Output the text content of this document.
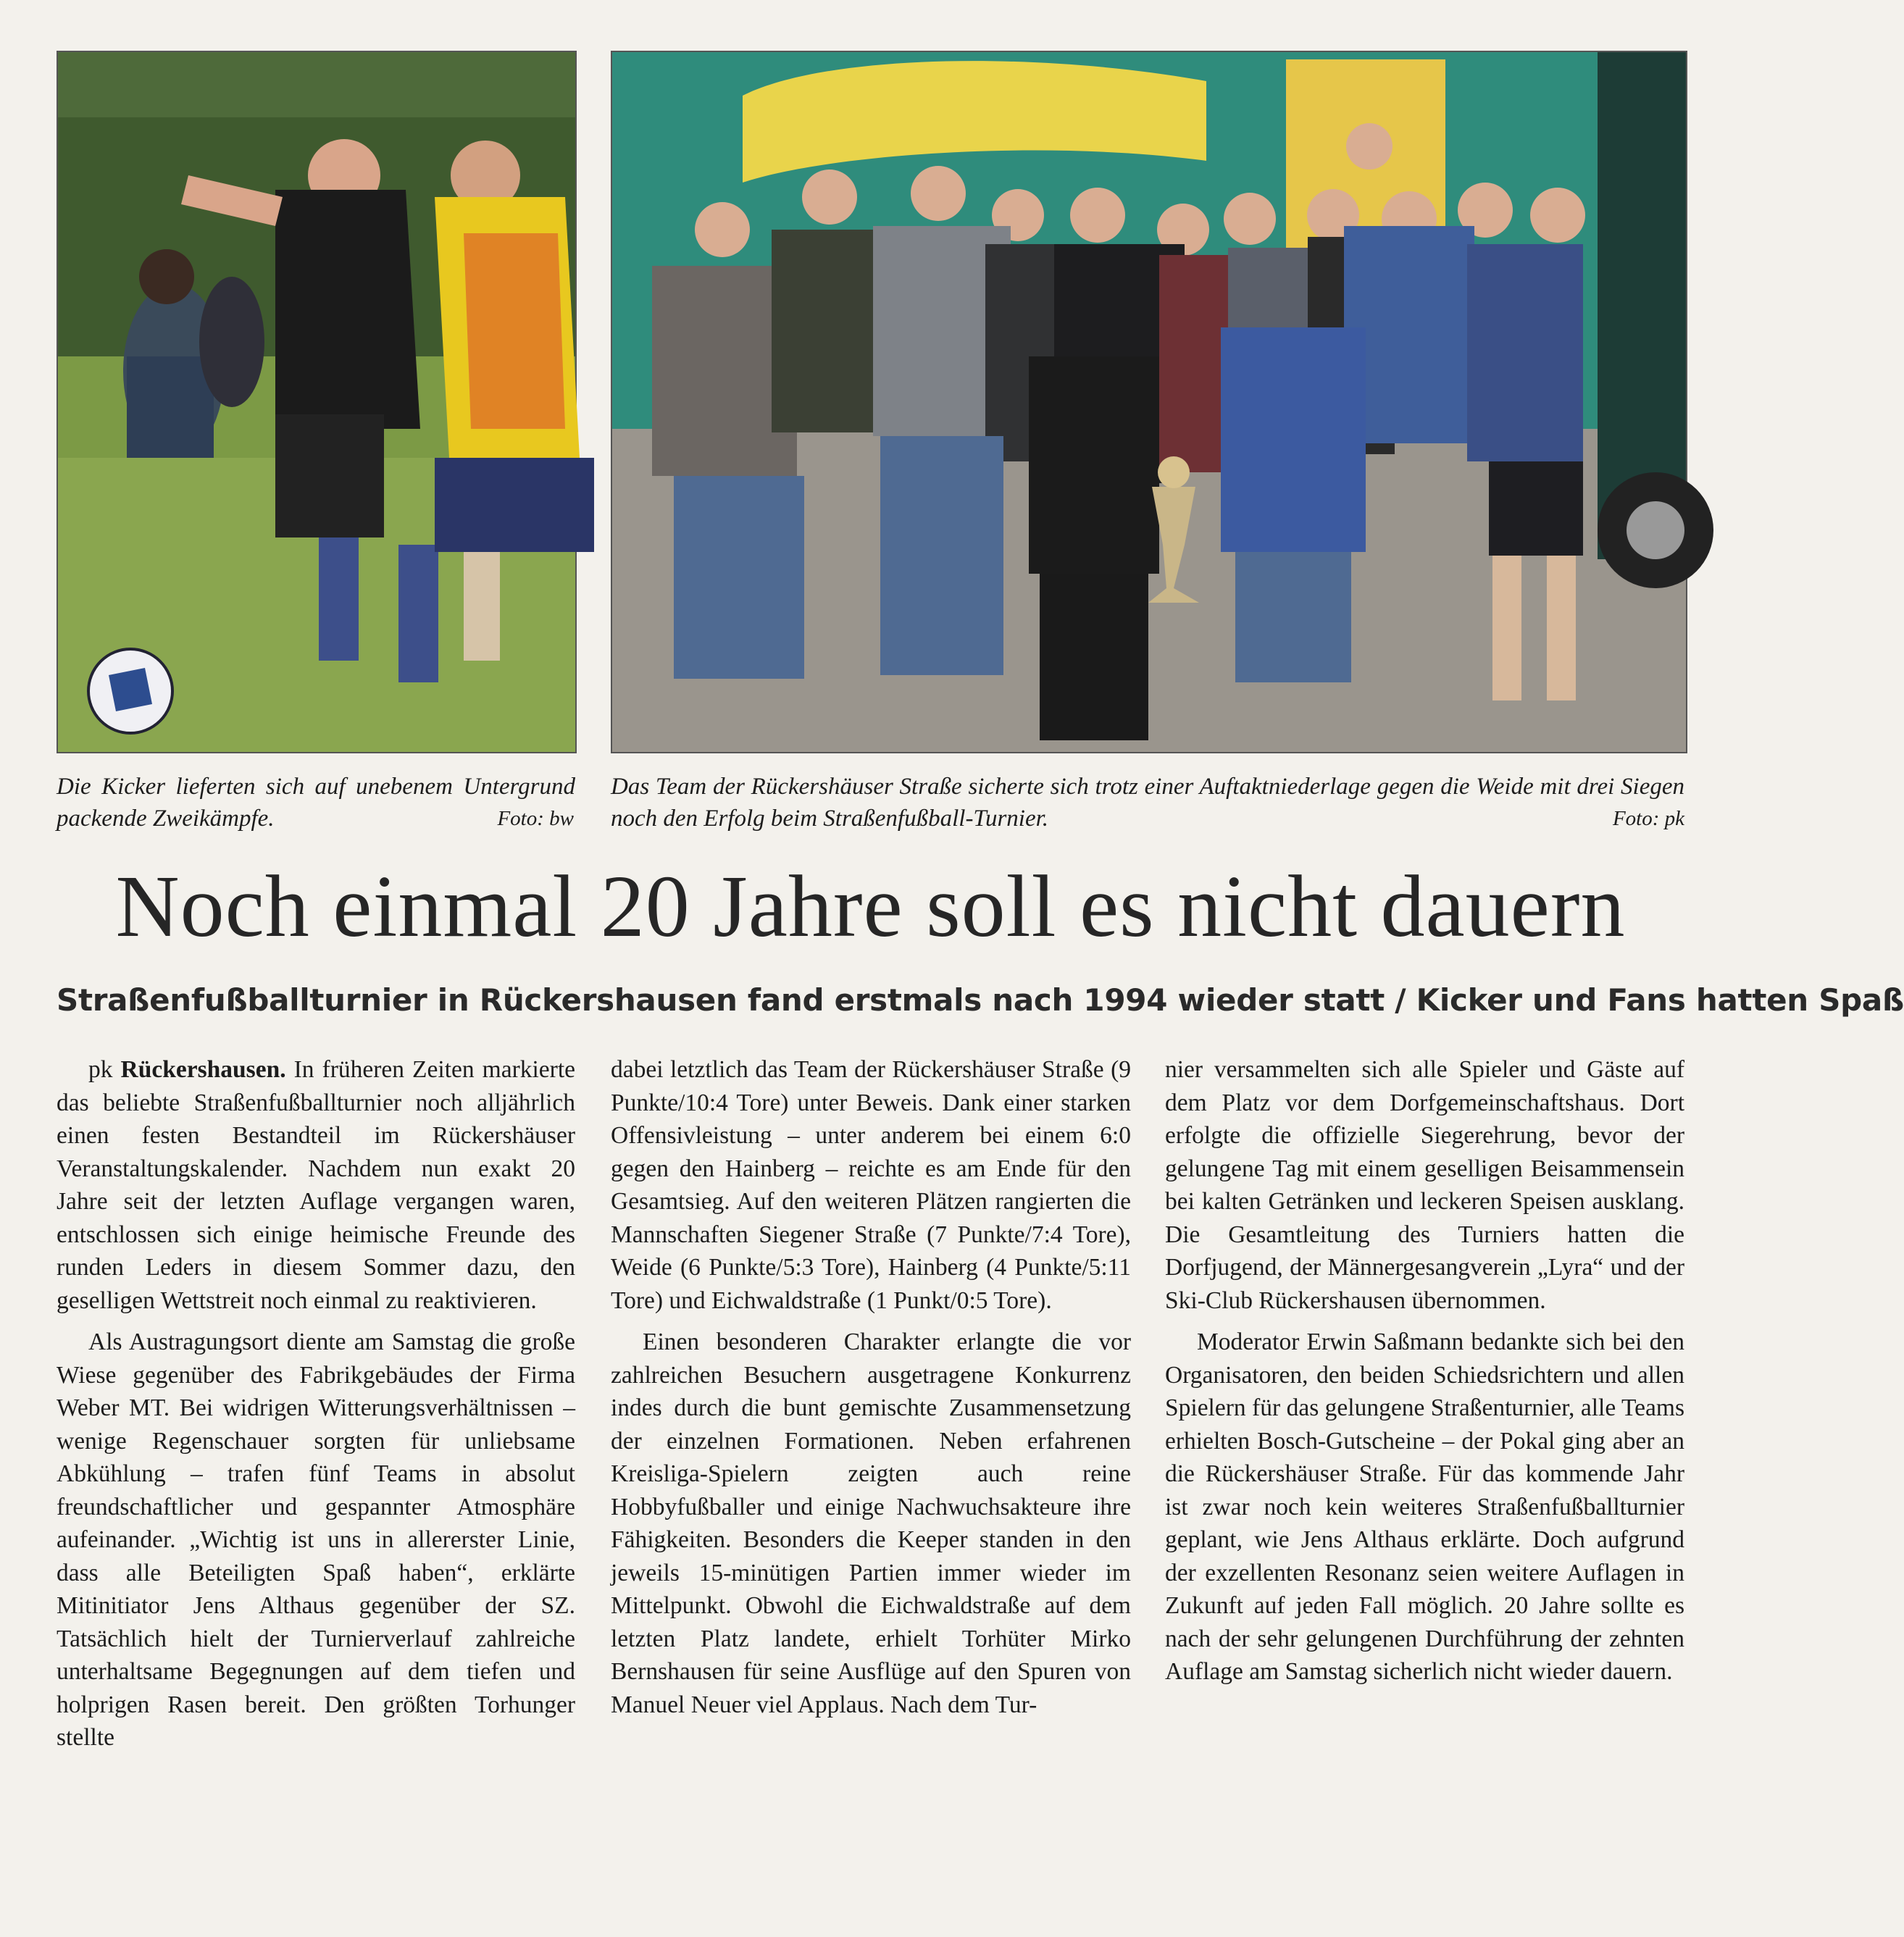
Die Kicker lieferten sich auf unebenem Untergrund packende Zweikämpfe.	Foto: bw
Das Team der Rückershäuser Straße sicherte sich trotz einer Auftaktniederlage gegen die Weide mit drei Siegen noch den Erfolg beim Straßenfußball-Turnier.	Foto: pk
Noch einmal 20 Jahre soll es nicht dauern
Straßenfußballturnier in Rückershausen fand erstmals nach 1994 wieder statt / Kicker und Fans hatten Spaß

pk Rückershausen. In früheren Zeiten markierte das beliebte Straßenfußballturnier noch alljährlich einen festen Bestandteil im Rückershäuser Veranstaltungskalender. Nachdem nun exakt 20 Jahre seit der letzten Auflage vergangen waren, entschlossen sich einige heimische Freunde des runden Leders in diesem Sommer dazu, den geselligen Wettstreit noch einmal zu reaktivieren.

Als Austragungsort diente am Samstag die große Wiese gegenüber des Fabrikgebäudes der Firma Weber MT. Bei widrigen Witterungsverhältnissen – wenige Regenschauer sorgten für unliebsame Abkühlung – trafen fünf Teams in absolut freundschaftlicher und gespannter Atmosphäre aufeinander. „Wichtig ist uns in allererster Linie, dass alle Beteiligten Spaß haben“, erklärte Mitinitiator Jens Althaus gegenüber der SZ. Tatsächlich hielt der Turnierverlauf zahlreiche unterhaltsame Begegnungen auf dem tiefen und holprigen Rasen bereit. Den größten Torhunger stellte

dabei letztlich das Team der Rückershäuser Straße (9 Punkte/10:4 Tore) unter Beweis. Dank einer starken Offensivleistung – unter anderem bei einem 6:0 gegen den Hainberg – reichte es am Ende für den Gesamtsieg. Auf den weiteren Plätzen rangierten die Mannschaften Siegener Straße (7 Punkte/7:4 Tore), Weide (6 Punkte/5:3 Tore), Hainberg (4 Punkte/5:11 Tore) und Eichwaldstraße (1 Punkt/0:5 Tore).

Einen besonderen Charakter erlangte die vor zahlreichen Besuchern ausgetragene Konkurrenz indes durch die bunt gemischte Zusammensetzung der einzelnen Formationen. Neben erfahrenen Kreisliga-Spielern zeigten auch reine Hobbyfußballer und einige Nachwuchsakteure ihre Fähigkeiten. Besonders die Keeper standen in den jeweils 15-minütigen Partien immer wieder im Mittelpunkt. Obwohl die Eichwaldstraße auf dem letzten Platz landete, erhielt Torhüter Mirko Bernshausen für seine Ausflüge auf den Spuren von Manuel Neuer viel Applaus. Nach dem Tur-

nier versammelten sich alle Spieler und Gäste auf dem Platz vor dem Dorfgemeinschaftshaus. Dort erfolgte die offizielle Siegerehrung, bevor der gelungene Tag mit einem geselligen Beisammensein bei kalten Getränken und leckeren Speisen ausklang. Die Gesamtleitung des Turniers hatten die Dorfjugend, der Männergesangverein „Lyra“ und der Ski-Club Rückershausen übernommen.

Moderator Erwin Saßmann bedankte sich bei den Organisatoren, den beiden Schiedsrichtern und allen Spielern für das gelungene Straßenturnier, alle Teams erhielten Bosch-Gutscheine – der Pokal ging aber an die Rückershäuser Straße. Für das kommende Jahr ist zwar noch kein weiteres Straßenfußballturnier geplant, wie Jens Althaus erklärte. Doch aufgrund der exzellenten Resonanz seien weitere Auflagen in Zukunft auf jeden Fall möglich. 20 Jahre sollte es nach der sehr gelungenen Durchführung der zehnten Auflage am Samstag sicherlich nicht wieder dauern.
